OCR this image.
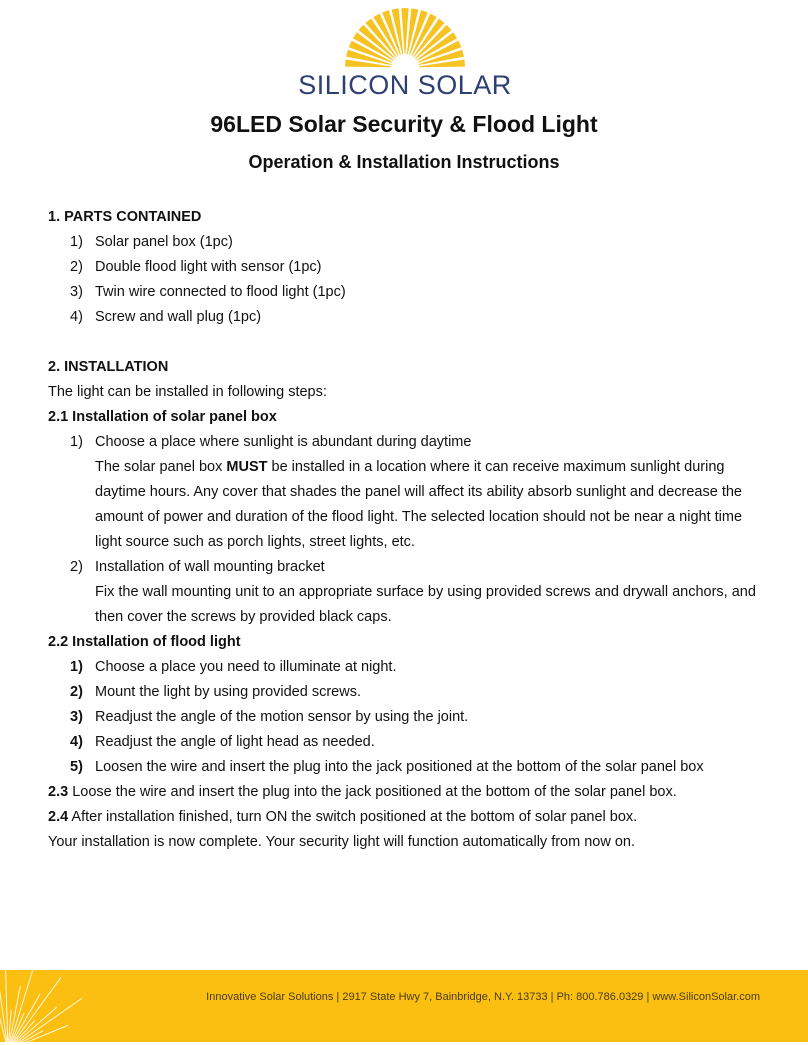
SILICON SOLAR
96LED Solar Security & Flood Light
Operation & Installation Instructions
1. PARTS CONTAINED
1) Solar panel box (1pc)
2) Double flood light with sensor (1pc)
3) Twin wire connected to flood light (1pc)
4) Screw and wall plug (1pc)
2. INSTALLATION
The light can be installed in following steps:
2.1 Installation of solar panel box
1) Choose a place where sunlight is abundant during daytime
The solar panel box MUST be installed in a location where it can receive maximum sunlight during
daytime hours. Any cover that shades the panel will affect its ability absorb sunlight and decrease the
amount of power and duration of the flood light. The selected location should not be near a night time
light source such as porch lights, street lights, etc.
2) Installation of wall mounting bracket
Fix the wall mounting unit to an appropriate surface by using provided screws and drywall anchors, and
then cover the screws by provided black caps.
2.2 Installation of flood light
1) Choose a place you need to illuminate at night.
2) Mount the light by using provided screws.
3) Readjust the angle of the motion sensor by using the joint.
4) Readjust the angle of light head as needed.
5) Loosen the wire and insert the plug into the jack positioned at the bottom of the solar panel box
2.3 Loose the wire and insert the plug into the jack positioned at the bottom of the solar panel box.
2.4 After installation finished, turn ON the switch positioned at the bottom of solar panel box.
Your installation is now complete. Your security light will function automatically from now on.
Innovative Solar Solutions | 2917 State Hwy 7, Bainbridge, N.Y. 13733 | Ph: 800.786.0329 | www.SiliconSolar.com
